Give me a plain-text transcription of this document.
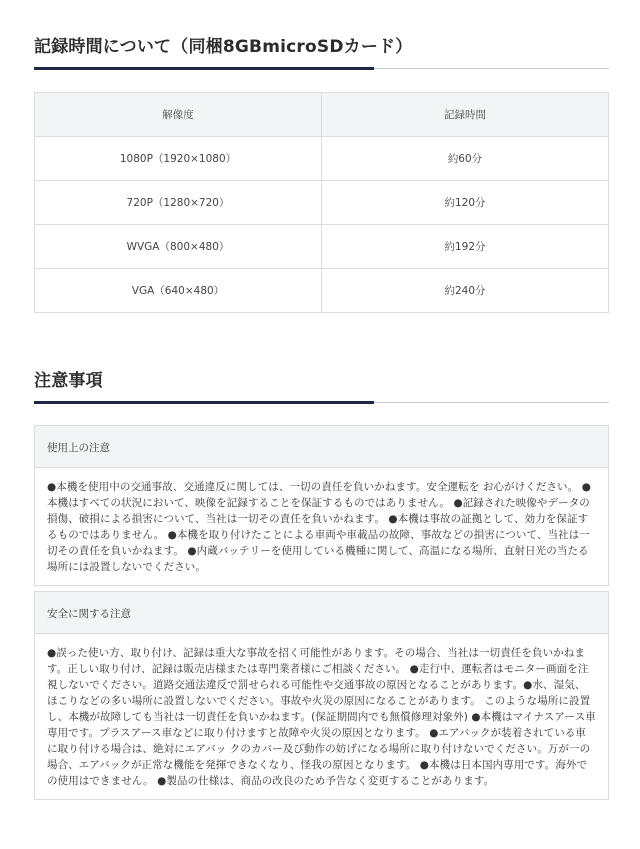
記録時間について（同梱8GBmicroSDカード）
解像度	記録時間
1080P（1920×1080）	約60分
720P（1280×720）	約120分
WVGA（800×480）	約192分
VGA（640×480）	約240分
注意事項
使用上の注意
●本機を使用中の交通事故、交通違反に関しては、一切の責任を負いかねます。安全運転を お心がけください。 ●本機はすべての状況において、映像を記録することを保証するものではありません。 ●記録された映像やデータの損傷、破損による損害について、当社は一切その責任を負いかねます。 ●本機は事故の証拠として、効力を保証するものではありません。 ●本機を取り付けたことによる車両や車載品の故障、事故などの損害について、当社は一切その責任を負いかねます。 ●内蔵バッテリーを使用している機種に関して、高温になる場所、直射日光の当たる場所には設置しないでください。
安全に関する注意
●誤った使い方、取り付け、記録は重大な事故を招く可能性があります。その場合、当社は一切責任を負いかねます。正しい取り付け、記録は販売店様または専門業者様にご相談ください。 ●走行中、運転者はモニター画面を注視しないでください。道路交通法違反で罰せられる可能性や交通事故の原因となることがあります。●水、湿気、ほこりなどの多い場所に設置しないでください。事故や火災の原因になることがあります。 このような場所に設置し、本機が故障しても当社は一切責任を負いかねます。(保証期間内でも無償修理対象外) ●本機はマイナスアース車専用です。プラスアース車などに取り付けますと故障や火災の原因となります。 ●エアバックが装着されている車に取り付ける場合は、絶対にエアバッ クのカバー及び動作の妨げになる場所に取り付けないでください。万が一の場合、エアバックが正常な機能を発揮できなくなり、怪我の原因となります。 ●本機は日本国内専用です。海外での使用はできません。 ●製品の仕様は、商品の改良のため予告なく変更することがあります。
